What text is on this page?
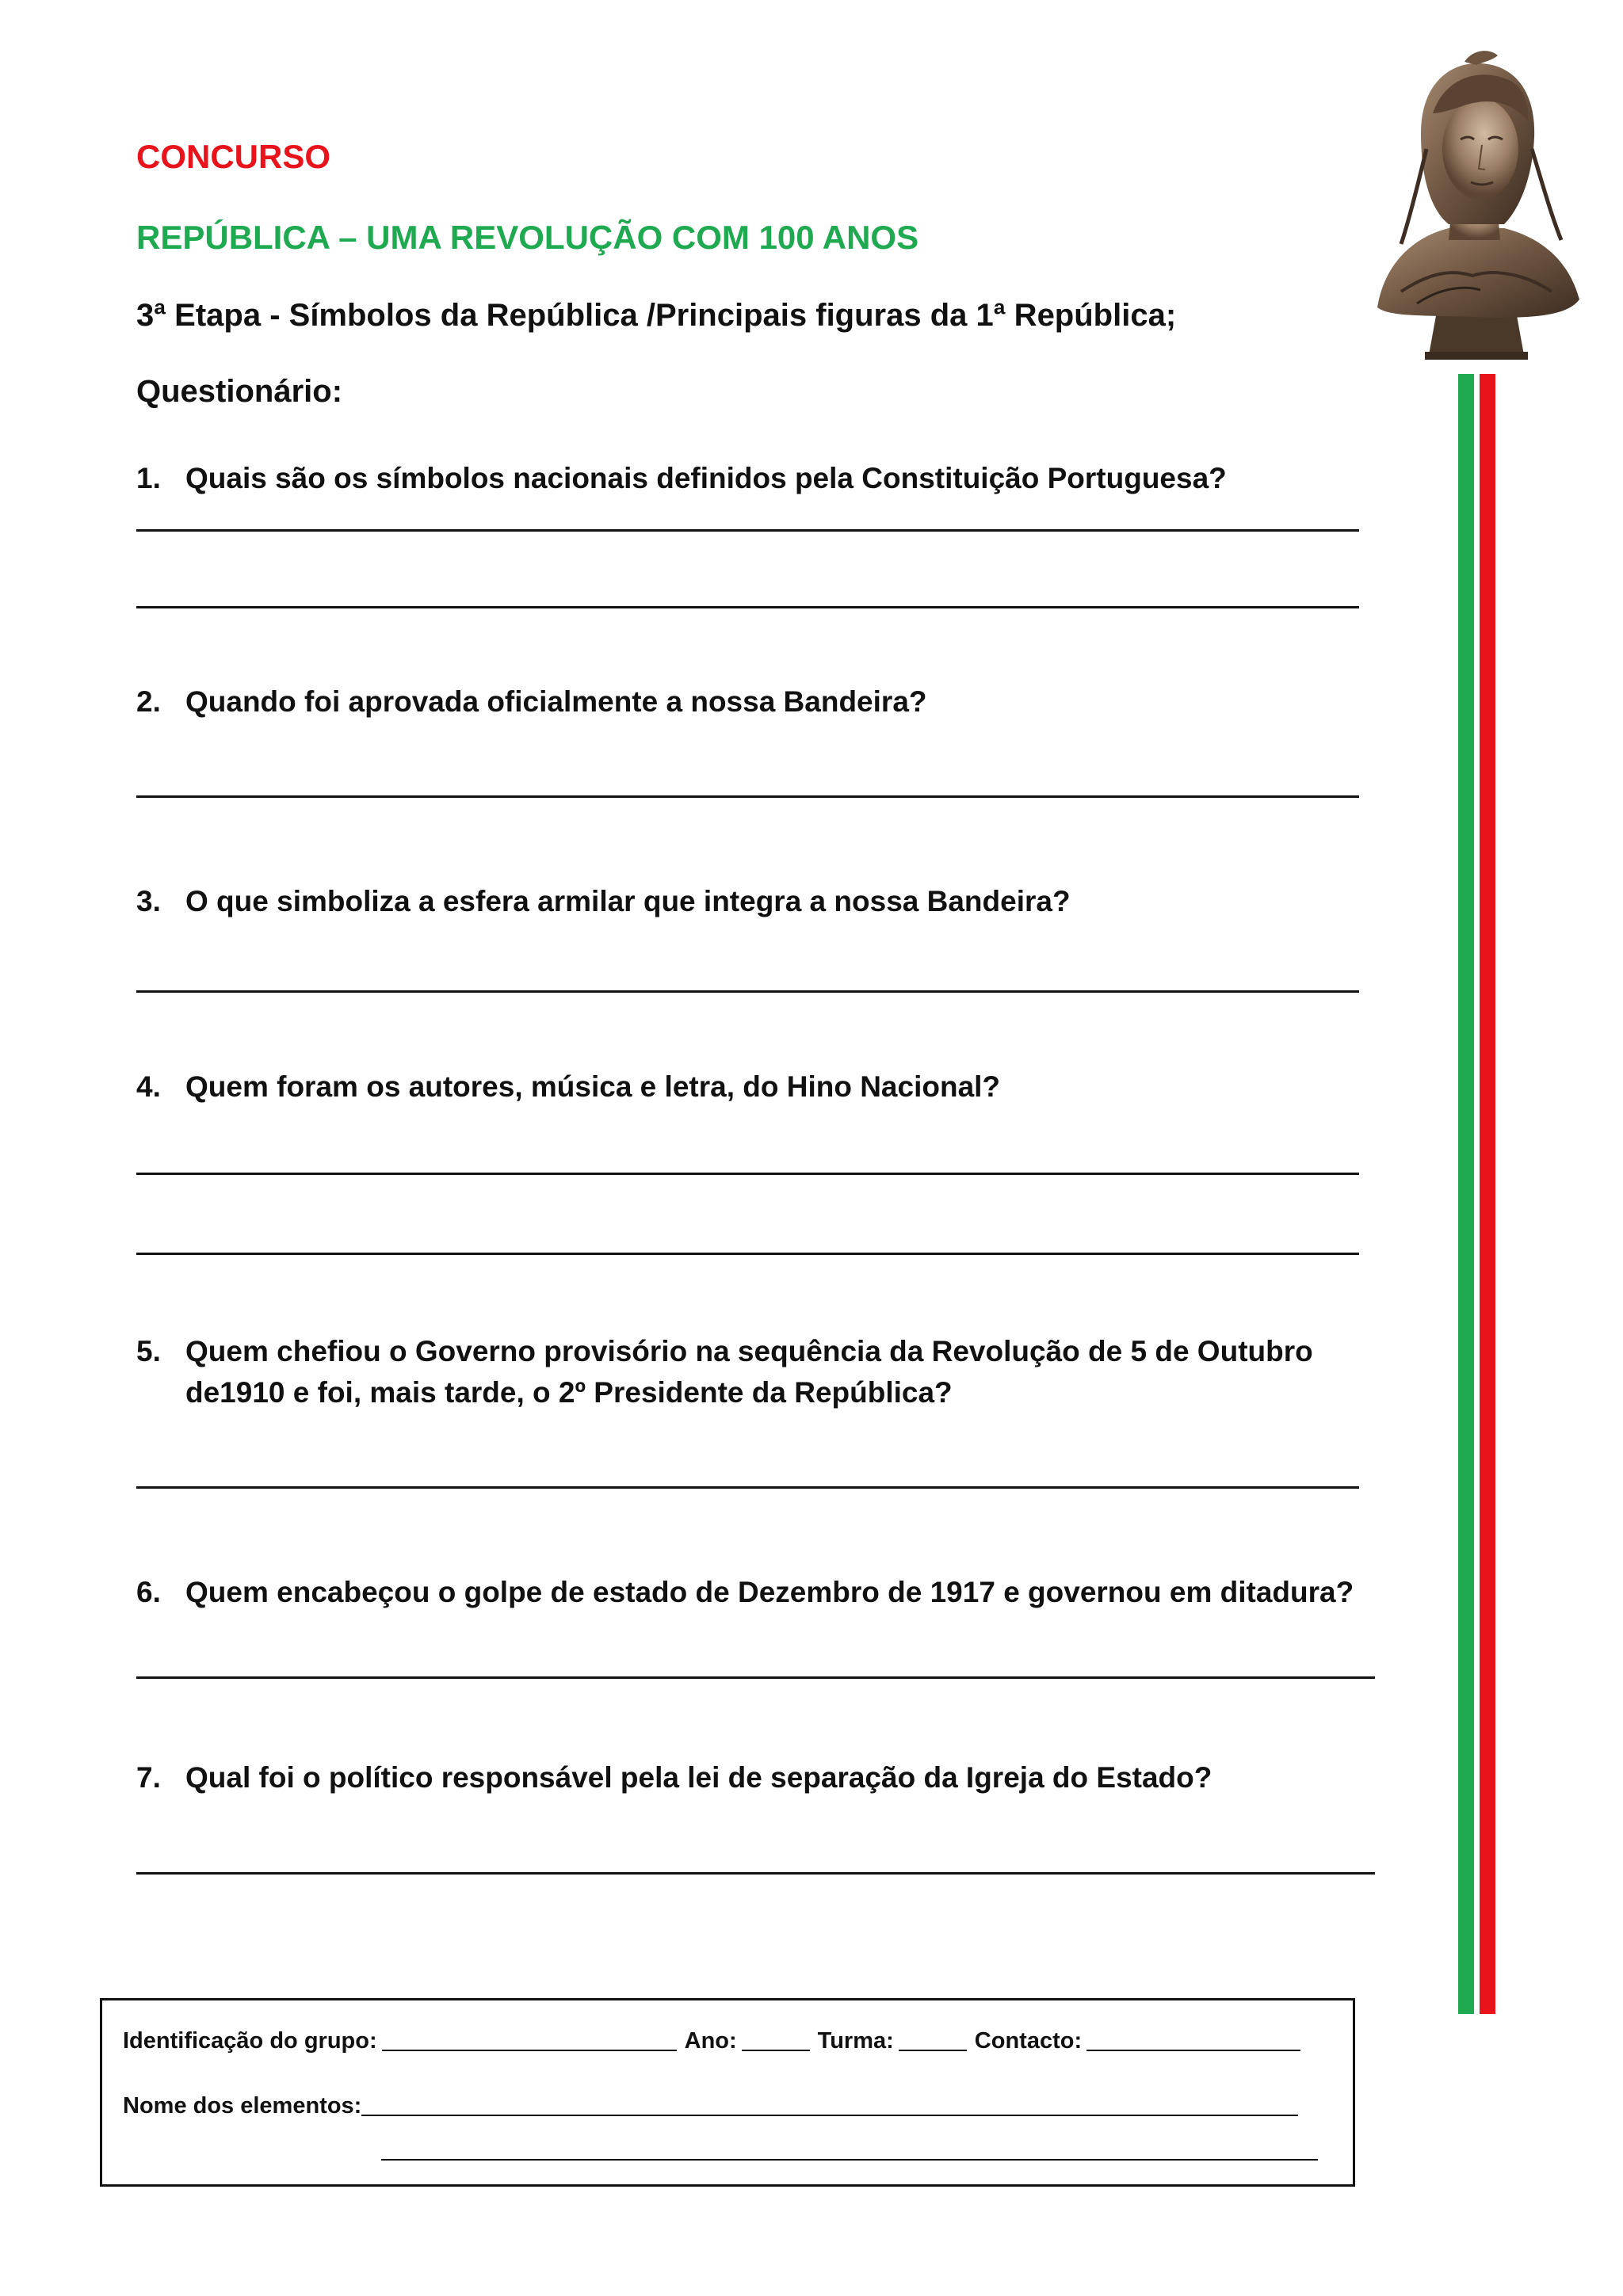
CONCURSO
REPÚBLICA – UMA REVOLUÇÃO COM 100 ANOS
3ª Etapa - Símbolos da República /Principais figuras da 1ª República;
Questionário:
1. Quais são os símbolos nacionais definidos pela Constituição Portuguesa?
2. Quando foi aprovada oficialmente a nossa Bandeira?
3. O que simboliza a esfera armilar que integra a nossa Bandeira?
4. Quem foram os autores, música e letra, do Hino Nacional?
5. Quem chefiou o Governo provisório na sequência da Revolução de 5 de Outubro de1910 e foi, mais tarde, o 2º Presidente da República?
6. Quem encabeçou o golpe de estado de Dezembro de 1917 e governou em ditadura?
7. Qual foi o político responsável pela lei de separação da Igreja do Estado?
Identificação do grupo:	Ano:	Turma:	Contacto:
Nome dos elementos:
